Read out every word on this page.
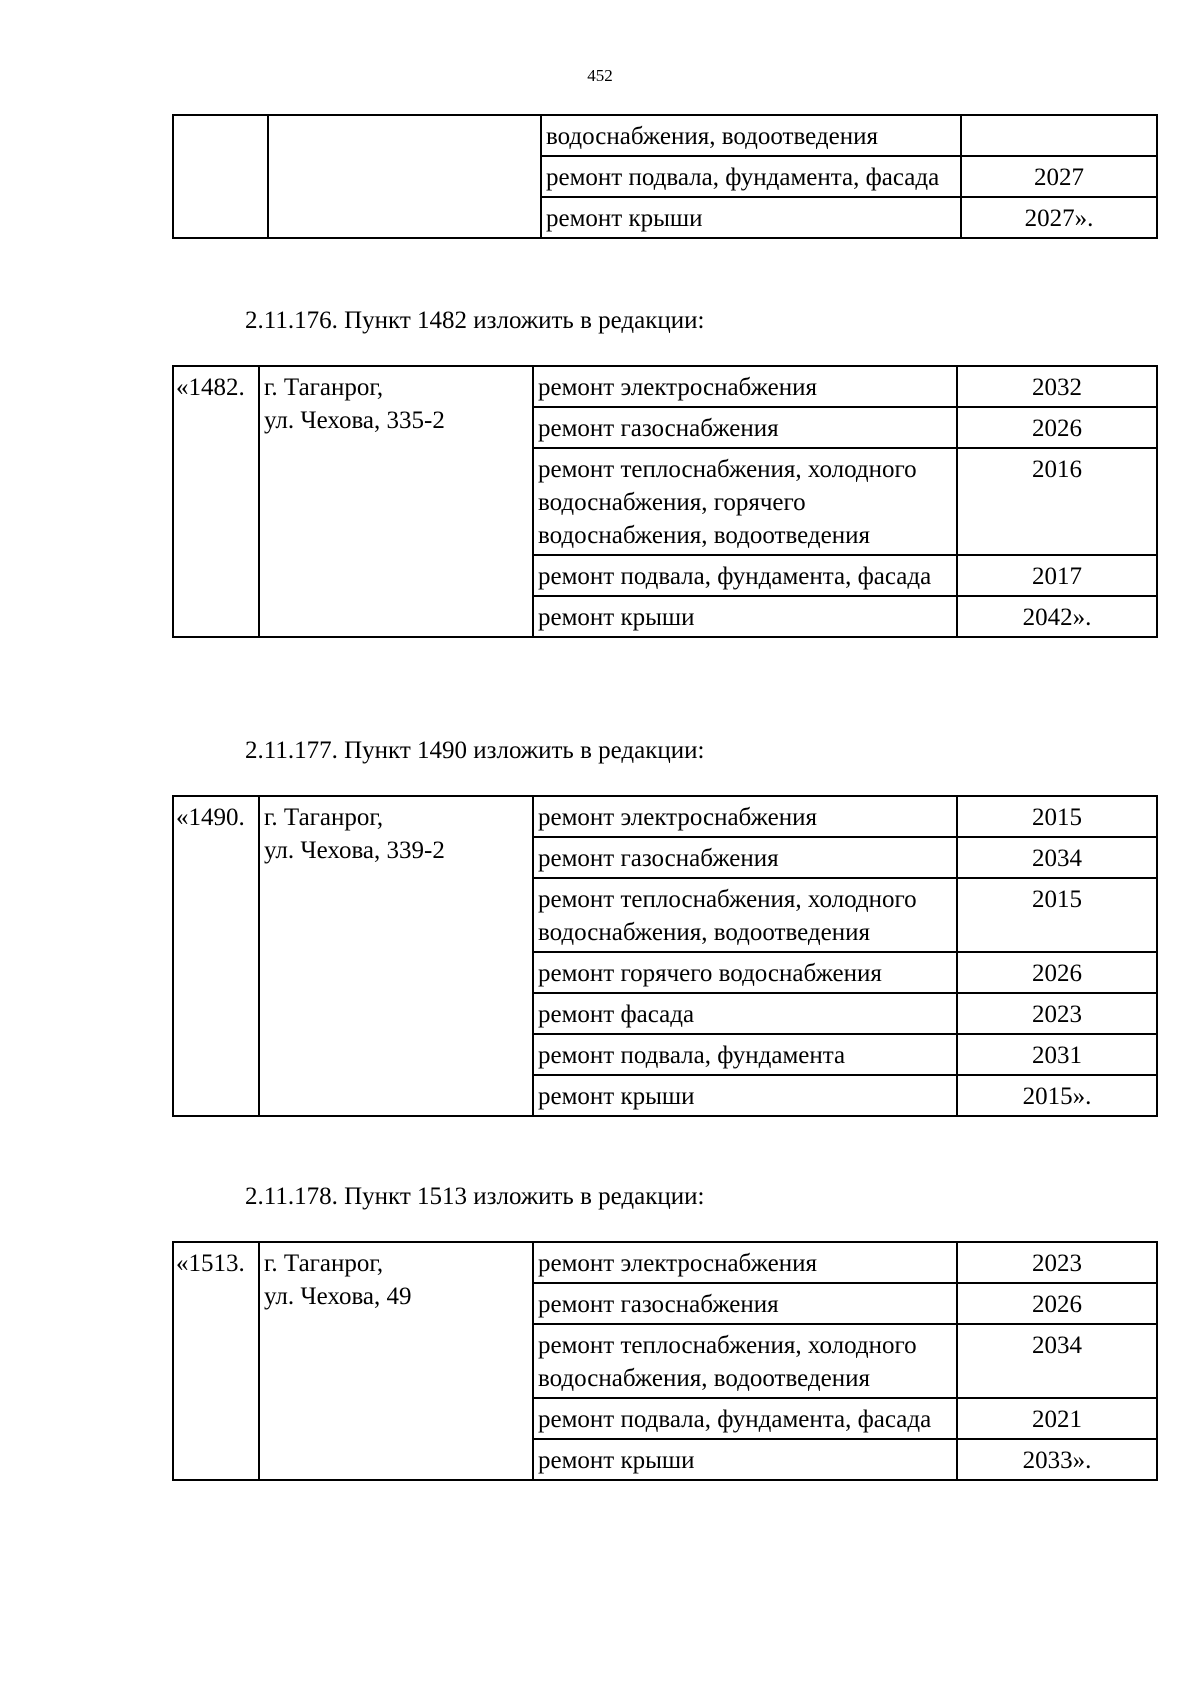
452
		водоснабжения, водоотведения	
		ремонт подвала, фундамента, фасада	2027
		ремонт крыши	2027».

2.11.176. Пункт 1482 изложить в редакции:

«1482.	г. Таганрог,
ул. Чехова, 335-2	ремонт электроснабжения	2032
		ремонт газоснабжения	2026
		ремонт теплоснабжения, холодного водоснабжения, горячего водоснабжения, водоотведения	2016
		ремонт подвала, фундамента, фасада	2017
		ремонт крыши	2042».

2.11.177. Пункт 1490 изложить в редакции:

«1490.	г. Таганрог,
ул. Чехова, 339-2	ремонт электроснабжения	2015
		ремонт газоснабжения	2034
		ремонт теплоснабжения, холодного водоснабжения, водоотведения	2015
		ремонт горячего водоснабжения	2026
		ремонт фасада	2023
		ремонт подвала, фундамента	2031
		ремонт крыши	2015».

2.11.178. Пункт 1513 изложить в редакции:

«1513.	г. Таганрог,
ул. Чехова, 49	ремонт электроснабжения	2023
		ремонт газоснабжения	2026
		ремонт теплоснабжения, холодного водоснабжения, водоотведения	2034
		ремонт подвала, фундамента, фасада	2021
		ремонт крыши	2033».
